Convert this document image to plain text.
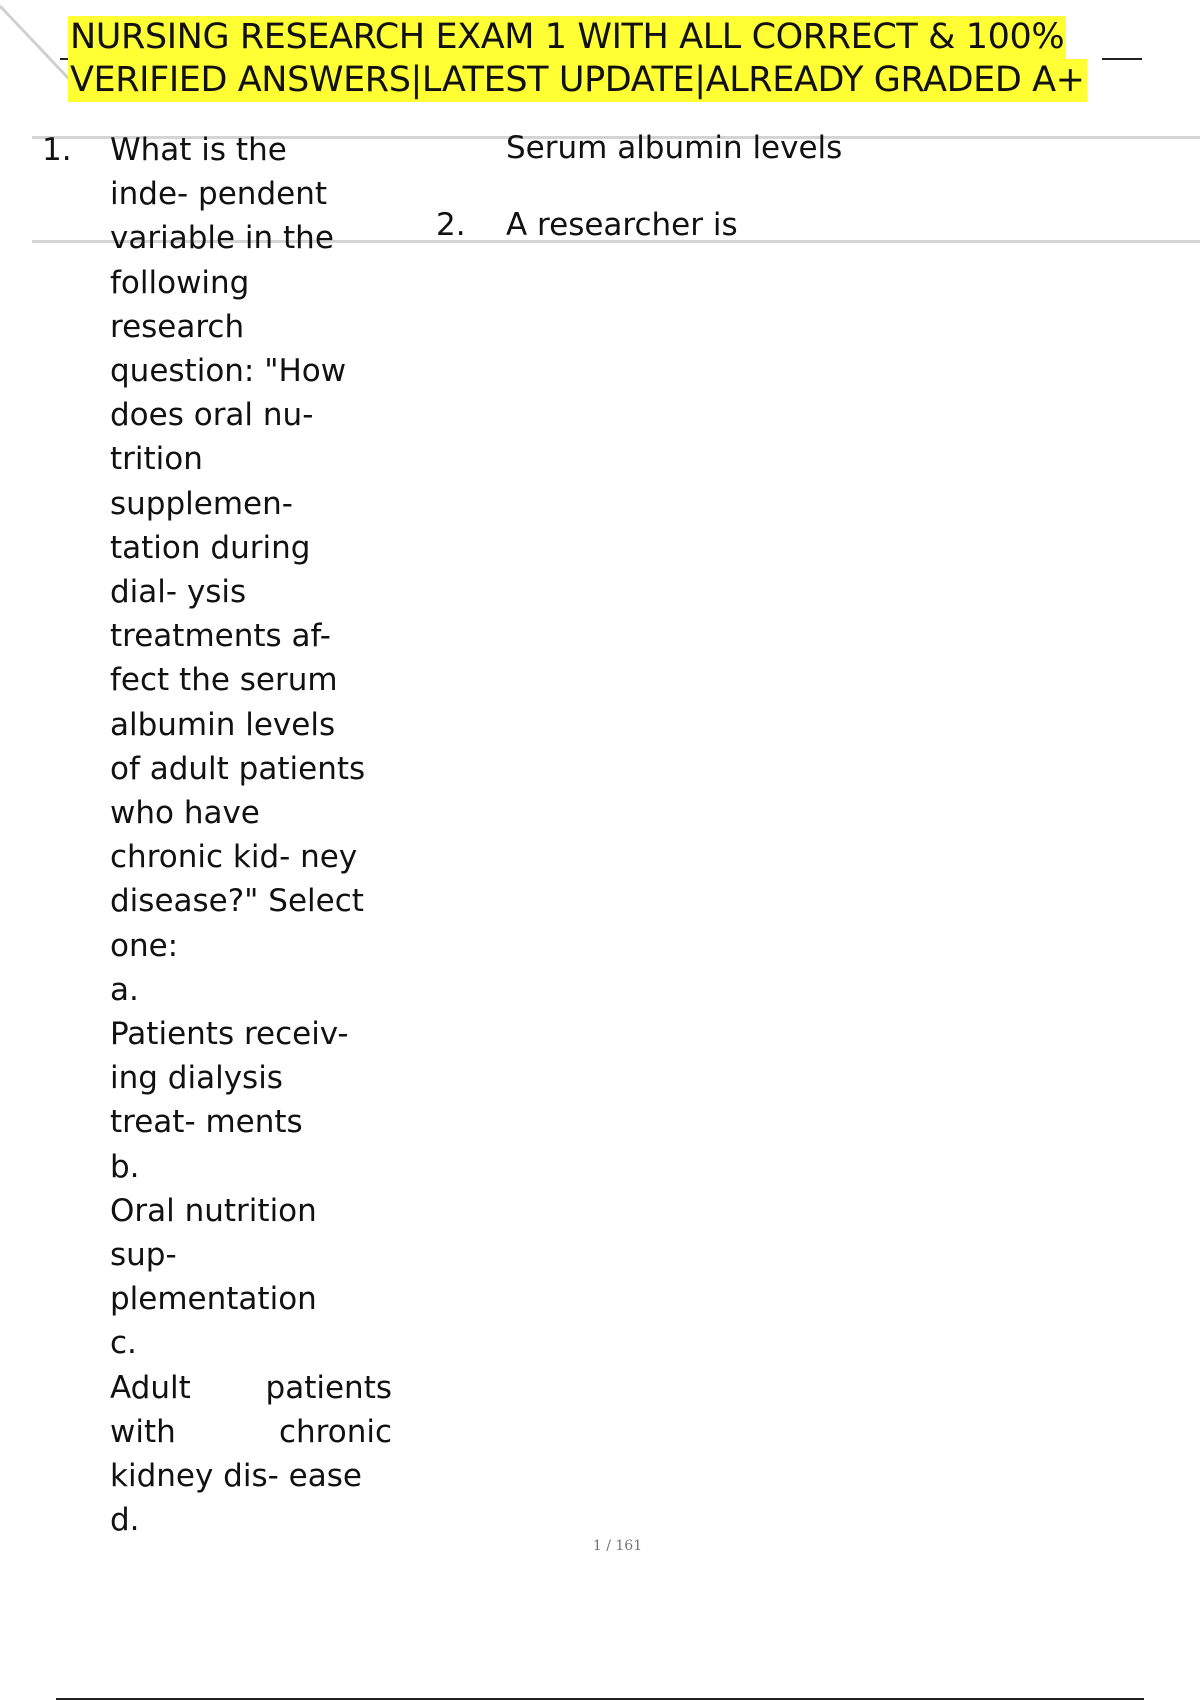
NURSING RESEARCH EXAM 1 WITH ALL CORRECT & 100%
VERIFIED ANSWERS|LATEST UPDATE|ALREADY GRADED A+
1. What is the
inde- pendent
variable in the
following
research
question: "How
does oral nu-
trition
supplemen-
tation during
dial- ysis
treatments af-
fect the serum
albumin levels
of adult patients
who have
chronic kid- ney
disease?" Select
one:
a.
Patients receiv-
ing dialysis
treat- ments
b.
Oral nutrition
sup-
plementation
c.
Adult patients
with	chronic
kidney dis- ease
d.
Serum albumin levels
2. A researcher is
1 / 161
